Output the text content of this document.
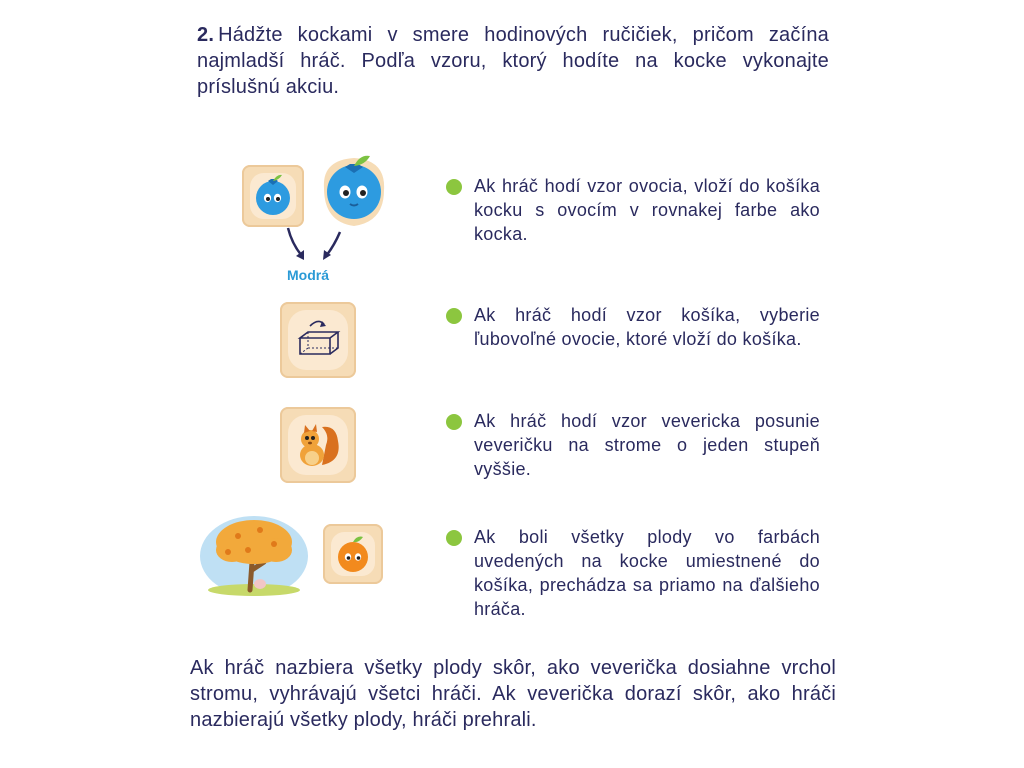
2. Hádžte kockami v smere hodinových ručičiek, pričom začína najmladší hráč. Podľa vzoru, ktorý hodíte na kocke vykonajte príslušnú akciu.
Modrá
Ak hráč hodí vzor ovocia, vloží do košíka kocku s ovocím v rovnakej farbe ako kocka.
Ak hráč hodí vzor košíka, vyberie ľubovoľné ovocie, ktoré vloží do košíka.
Ak hráč hodí vzor vevericka posunie veveričku na strome o jeden stupeň vyššie.
Ak boli všetky plody vo farbách uvedených na kocke umiestnené do košíka, prechádza sa priamo na ďalšieho hráča.
Ak hráč nazbiera všetky plody skôr, ako veverička dosiahne vrchol stromu, vyhrávajú všetci hráči. Ak veverička dorazí skôr, ako hráči nazbierajú všetky plody, hráči prehrali.
